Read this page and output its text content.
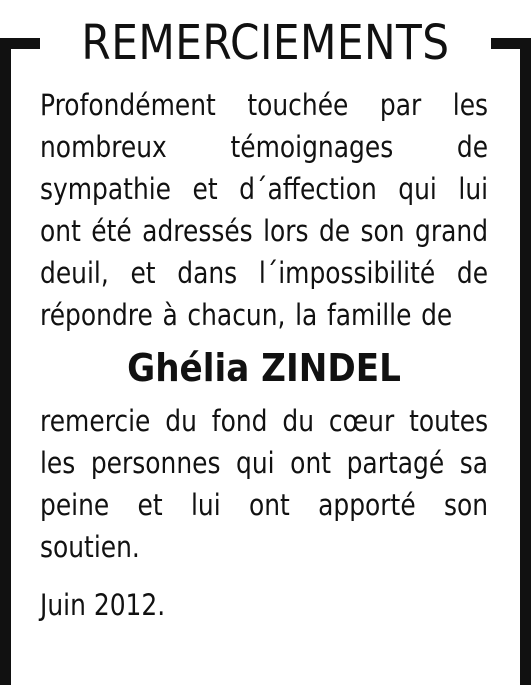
REMERCIEMENTS

Profondément touchée par les nombreux témoignages de sympathie et d´affection qui lui ont été adressés lors de son grand deuil, et dans l´impossibilité de répondre à chacun, la famille de

Ghélia ZINDEL

remercie du fond du cœur toutes les personnes qui ont partagé sa peine et lui ont apporté son soutien.

Juin 2012.
